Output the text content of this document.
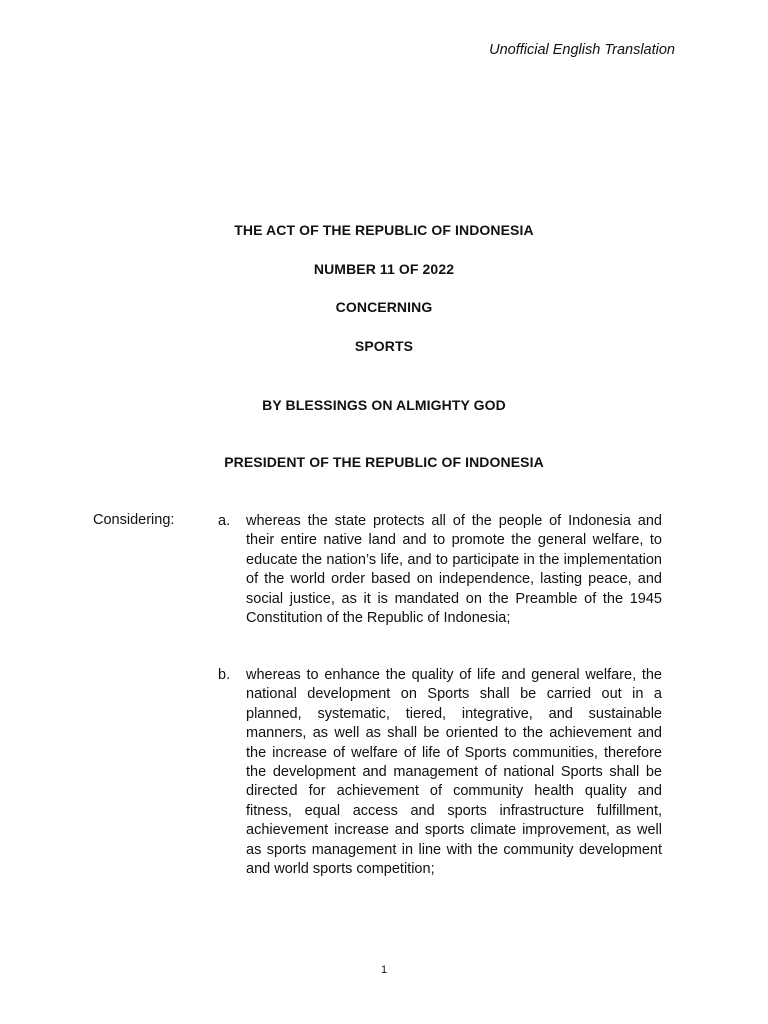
Unofficial English Translation
THE ACT OF THE REPUBLIC OF INDONESIA
NUMBER 11 OF 2022
CONCERNING
SPORTS
BY BLESSINGS ON ALMIGHTY GOD
PRESIDENT OF THE REPUBLIC OF INDONESIA
Considering:	a.	whereas the state protects all of the people of Indonesia and their entire native land and to promote the general welfare, to educate the nation’s life, and to participate in the implementation of the world order based on independence, lasting peace, and social justice, as it is mandated on the Preamble of the 1945 Constitution of the Republic of Indonesia;
b.	whereas to enhance the quality of life and general welfare, the national development on Sports shall be carried out in a planned, systematic, tiered, integrative, and sustainable manners, as well as shall be oriented to the achievement and the increase of welfare of life of Sports communities, therefore the development and management of national Sports shall be directed for achievement of community health quality and fitness, equal access and sports infrastructure fulfillment, achievement increase and sports climate improvement, as well as sports management in line with the community development and world sports competition;
1
